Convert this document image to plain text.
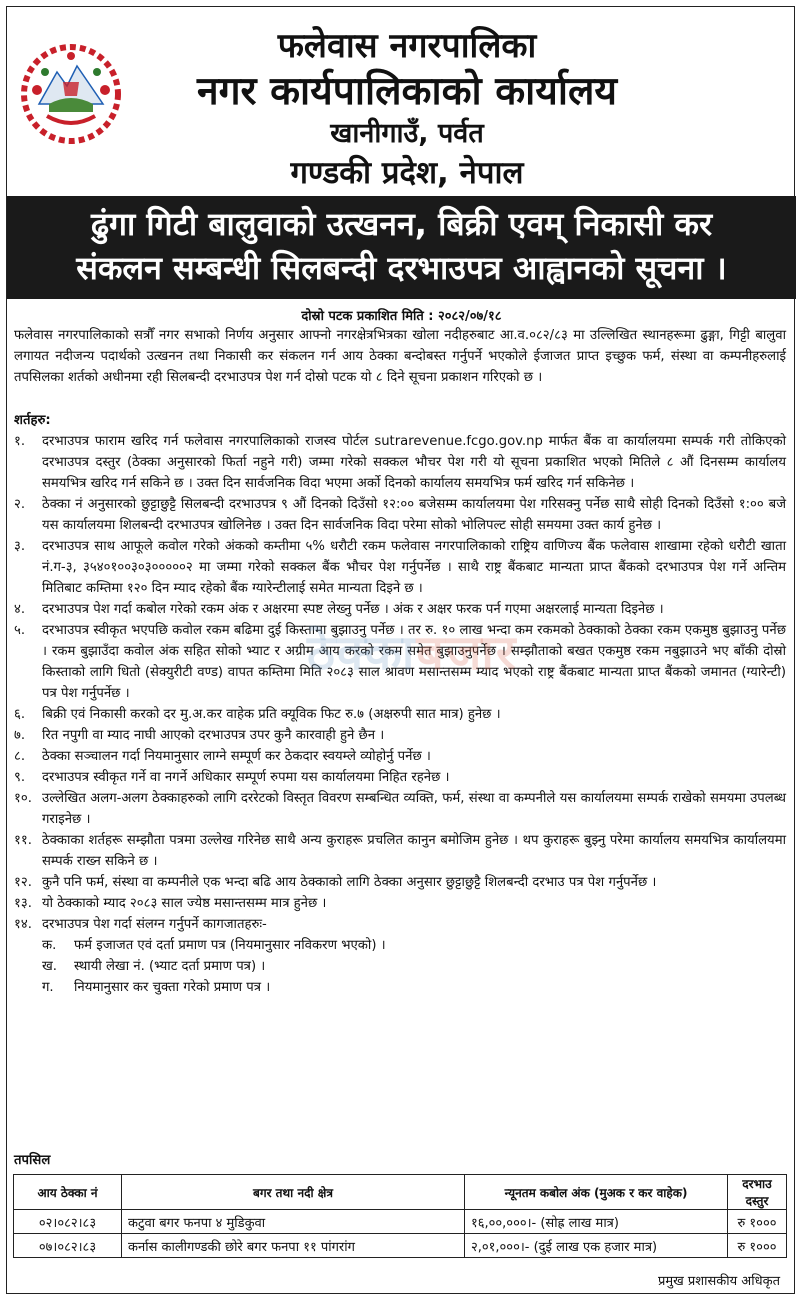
फलेवास नगरपालिका
नगर कार्यपालिकाको कार्यालय
खानीगाउँ, पर्वत
गण्डकी प्रदेश, नेपाल
ढुंगा गिटी बालुवाको उत्खनन, बिक्री एवम् निकासी कर
संकलन सम्बन्धी सिलबन्दी दरभाउपत्र आह्वानको सूचना ।
दोस्रो पटक प्रकाशित मिति : २०८२/०७/१८
फलेवास नगरपालिकाको सत्रौँ नगर सभाको निर्णय अनुसार आफ्नो नगरक्षेत्रभित्रका खोला नदीहरुबाट आ.व.०८२/८३ मा उल्लिखित स्थानहरूमा ढुङ्गा, गिट्टी बालुवा लगायत नदीजन्य पदार्थको उत्खनन तथा निकासी कर संकलन गर्न आय ठेक्का बन्दोबस्त गर्नुपर्ने भएकोले ईजाजत प्राप्त इच्छुक फर्म, संस्था वा कम्पनीहरुलाई तपसिलका शर्तको अधीनमा रही सिलबन्दी दरभाउपत्र पेश गर्न दोस्रो पटक यो ८ दिने सूचना प्रकाशन गरिएको छ ।
शर्तहरु:
१.	दरभाउपत्र फाराम खरिद गर्न फलेवास नगरपालिकाको राजस्व पोर्टल sutrarevenue.fcgo.gov.np मार्फत बैंक वा कार्यालयमा सम्पर्क गरी तोकिएको दरभाउपत्र दस्तुर (ठेक्का अनुसारको फिर्ता नहुने गरी) जम्मा गरेको सक्कल भौचर पेश गरी यो सूचना प्रकाशित भएको मितिले ८ औं दिनसम्म कार्यालय समयभित्र खरिद गर्न सकिने छ । उक्त दिन सार्वजनिक विदा भएमा अर्को दिनको कार्यालय समयभित्र फर्म खरिद गर्न सकिनेछ ।
२.	ठेक्का नं अनुसारको छुट्टाछुट्टै सिलबन्दी दरभाउपत्र ९ औं दिनको दिउँसो १२:०० बजेसम्म कार्यालयमा पेश गरिसक्नु पर्नेछ साथै सोही दिनको दिउँसो १:०० बजे यस कार्यालयमा शिलबन्दी दरभाउपत्र खोलिनेछ । उक्त दिन सार्वजनिक विदा परेमा सोको भोलिपल्ट सोही समयमा उक्त कार्य हुनेछ ।
३.	दरभाउपत्र साथ आफूले कवोल गरेको अंकको कम्तीमा ५% धरौटी रकम फलेवास नगरपालिकाको राष्ट्रिय वाणिज्य बैंक फलेवास शाखामा रहेको धरौटी खाता नं.ग-३, ३५४०१००३०३०००००२ मा जम्मा गरेको सक्कल बैंक भौचर पेश गर्नुपर्नेछ । साथै राष्ट्र बैंकबाट मान्यता प्राप्त बैंकको दरभाउपत्र पेश गर्ने अन्तिम मितिबाट कम्तिमा १२० दिन म्याद रहेको बैंक ग्यारेन्टीलाई समेत मान्यता दिइने छ ।
४.	दरभाउपत्र पेश गर्दा कबोल गरेको रकम अंक र अक्षरमा स्पष्ट लेख्नु पर्नेछ । अंक र अक्षर फरक पर्न गएमा अक्षरलाई मान्यता दिइनेछ ।
५.	दरभाउपत्र स्वीकृत भएपछि कवोल रकम बढिमा दुई किस्तामा बुझाउनु पर्नेछ । तर रु. १० लाख भन्दा कम रकमको ठेक्काको ठेक्का रकम एकमुष्ठ बुझाउनु पर्नेछ । रकम बुझाउँदा कवोल अंक सहित सोको भ्याट र अग्रीम आय करको रकम समेत बुझाउनुपर्नेछ । सम्झौताको बखत एकमुष्ठ रकम नबुझाउने भए बाँकी दोस्रो किस्ताको लागि धितो (सेक्युरीटी वण्ड) वापत कम्तिमा मिति २०८३ साल श्रावण मसान्तसम्म म्याद भएको राष्ट्र बैंकबाट मान्यता प्राप्त बैंकको जमानत (ग्यारेन्टी) पत्र पेश गर्नुपर्नेछ ।
६.	बिक्री एवं निकासी करको दर मु.अ.कर वाहेक प्रति क्यूविक फिट रु.७ (अक्षरुपी सात मात्र) हुनेछ ।
७.	रित नपुगी वा म्याद नाघी आएको दरभाउपत्र उपर कुनै कारवाही हुने छैन ।
८.	ठेक्का सञ्चालन गर्दा नियमानुसार लाग्ने सम्पूर्ण कर ठेकदार स्वयम्ले व्योहोर्नु पर्नेछ ।
९.	दरभाउपत्र स्वीकृत गर्ने वा नगर्ने अधिकार सम्पूर्ण रुपमा यस कार्यालयमा निहित रहनेछ ।
१०. उल्लेखित अलग-अलग ठेक्काहरुको लागि दररेटको विस्तृत विवरण सम्बन्धित व्यक्ति, फर्म, संस्था वा कम्पनीले यस कार्यालयमा सम्पर्क राखेको समयमा उपलब्ध गराइनेछ ।
११. ठेक्काका शर्तहरू सम्झौता पत्रमा उल्लेख गरिनेछ साथै अन्य कुराहरू प्रचलित कानुन बमोजिम हुनेछ । थप कुराहरू बुझ्नु परेमा कार्यालय समयभित्र कार्यालयमा सम्पर्क राख्न सकिने छ ।
१२. कुनै पनि फर्म, संस्था वा कम्पनीले एक भन्दा बढि आय ठेक्काको लागि ठेक्का अनुसार छुट्टाछुट्टै शिलबन्दी दरभाउ पत्र पेश गर्नुपर्नेछ ।
१३. यो ठेक्काको म्याद २०८३ साल ज्येष्ठ मसान्तसम्म मात्र हुनेछ ।
१४. दरभाउपत्र पेश गर्दा संलग्न गर्नुपर्ने कागजातहरुः-
क.	फर्म इजाजत एवं दर्ता प्रमाण पत्र (नियमानुसार नविकरण भएको) ।
ख.	स्थायी लेखा नं. (भ्याट दर्ता प्रमाण पत्र) ।
ग.	नियमानुसार कर चुक्ता गरेको प्रमाण पत्र ।
ठेक्काबजार
तपसिल
आय ठेक्का नं	बगर तथा नदी क्षेत्र	न्यूनतम कबोल अंक (मुअक र कर वाहेक)	दरभाउ दस्तुर
०२।०८२।८३	कटुवा बगर फनपा ४ मुडिकुवा	१६,००,०००।- (सोह्र लाख मात्र)	रु १०००
०७।०८२।८३	कर्नास कालीगण्डकी छोरे बगर फनपा ११ पांगरांग	२,०१,०००।- (दुई लाख एक हजार मात्र)	रु १०००
प्रमुख प्रशासकीय अधिकृत
